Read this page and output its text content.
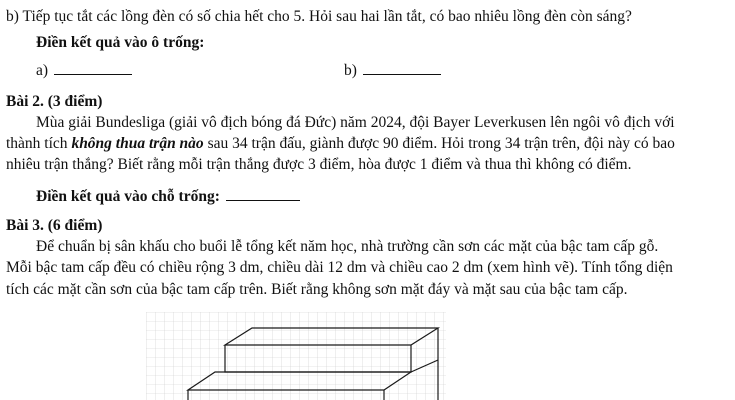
b) Tiếp tục tắt các lồng đèn có số chia hết cho 5. Hỏi sau hai lần tắt, có bao nhiêu lồng đèn còn sáng?
Điền kết quả vào ô trống:
a)	b)
Bài 2. (3 điểm)
Mùa giải Bundesliga (giải vô địch bóng đá Đức) năm 2024, đội Bayer Leverkusen lên ngôi vô địch với
thành tích không thua trận nào sau 34 trận đấu, giành được 90 điểm. Hỏi trong 34 trận trên, đội này có bao
nhiêu trận thắng? Biết rằng mỗi trận thắng được 3 điểm, hòa được 1 điểm và thua thì không có điểm.
Điền kết quả vào chỗ trống:
Bài 3. (6 điểm)
Để chuẩn bị sân khấu cho buổi lễ tổng kết năm học, nhà trường cần sơn các mặt của bậc tam cấp gỗ.
Mỗi bậc tam cấp đều có chiều rộng 3 dm, chiều dài 12 dm và chiều cao 2 dm (xem hình vẽ). Tính tổng diện
tích các mặt cần sơn của bậc tam cấp trên. Biết rằng không sơn mặt đáy và mặt sau của bậc tam cấp.
